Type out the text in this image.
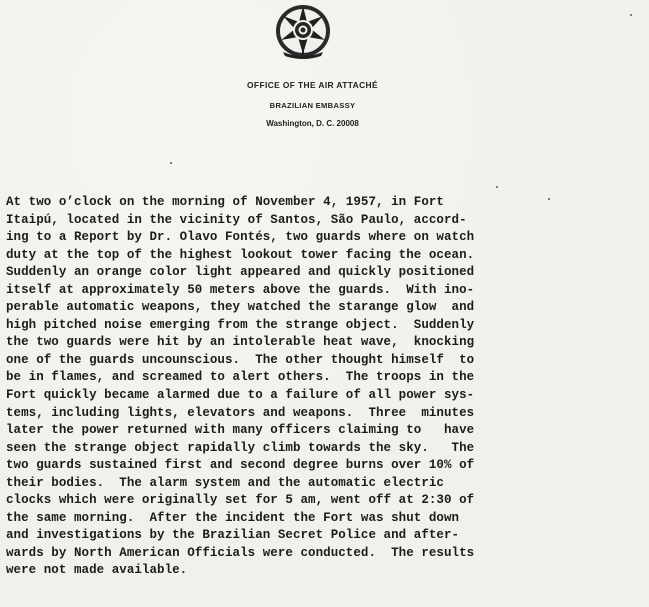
OFFICE OF THE AIR ATTACHÉ
BRAZILIAN EMBASSY
Washington, D. C. 20008
At two o’clock on the morning of November 4, 1957, in Fort
Itaipú, located in the vicinity of Santos, São Paulo, accord-
ing to a Report by Dr. Olavo Fontés, two guards where on watch
duty at the top of the highest lookout tower facing the ocean.
Suddenly an orange color light appeared and quickly positioned
itself at approximately 50 meters above the guards.  With ino-
perable automatic weapons, they watched the starange glow  and
high pitched noise emerging from the strange object.  Suddenly
the two guards were hit by an intolerable heat wave,  knocking
one of the guards uncounscious.  The other thought himself  to
be in flames, and screamed to alert others.  The troops in the
Fort quickly became alarmed due to a failure of all power sys-
tems, including lights, elevators and weapons.  Three  minutes
later the power returned with many officers claiming to   have
seen the strange object rapidally climb towards the sky.   The
two guards sustained first and second degree burns over 10% of
their bodies.  The alarm system and the automatic electric
clocks which were originally set for 5 am, went off at 2:30 of
the same morning.  After the incident the Fort was shut down
and investigations by the Brazilian Secret Police and after-
wards by North American Officials were conducted.  The results
were not made available.
